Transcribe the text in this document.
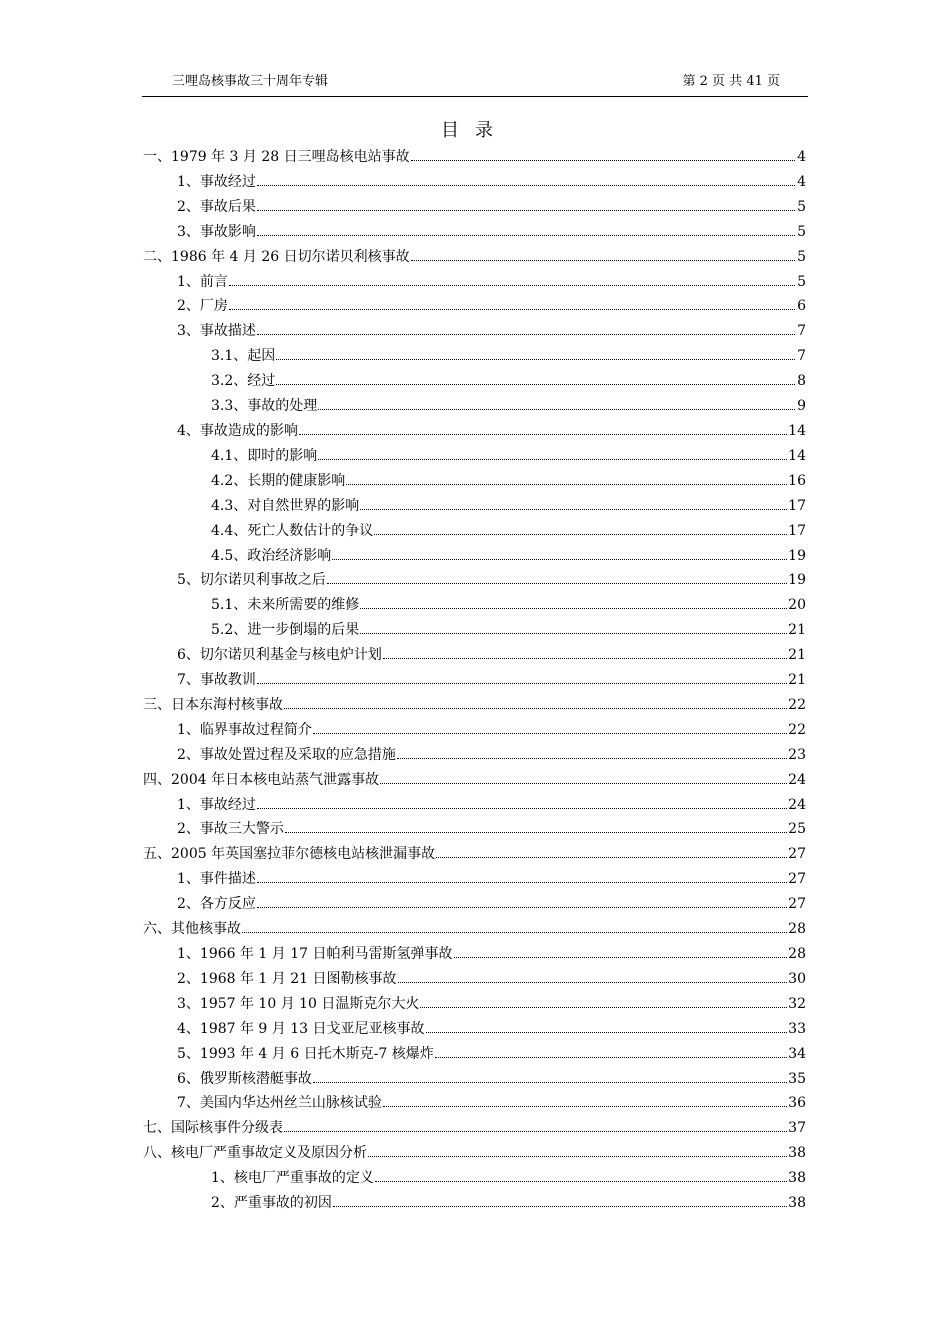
三哩岛核事故三十周年专辑	第 2 页 共 41 页
目录
一、1979 年 3 月 28 日三哩岛核电站事故	4
1、事故经过	4
2、事故后果	5
3、事故影响	5
二、1986 年 4 月 26 日切尔诺贝利核事故	5
1、前言	5
2、厂房	6
3、事故描述	7
3.1、起因	7
3.2、经过	8
3.3、事故的处理	9
4、事故造成的影响	14
4.1、即时的影响	14
4.2、长期的健康影响	16
4.3、对自然世界的影响	17
4.4、死亡人数估计的争议	17
4.5、政治经济影响	19
5、切尔诺贝利事故之后	19
5.1、未来所需要的维修	20
5.2、进一步倒塌的后果	21
6、切尔诺贝利基金与核电炉计划	21
7、事故教训	21
三、日本东海村核事故	22
1、临界事故过程简介	22
2、事故处置过程及采取的应急措施	23
四、2004 年日本核电站蒸气泄露事故	24
1、事故经过	24
2、事故三大警示	25
五、2005 年英国塞拉菲尔德核电站核泄漏事故	27
1、事件描述	27
2、各方反应	27
六、其他核事故	28
1、1966 年 1 月 17 日帕利马雷斯氢弹事故	28
2、1968 年 1 月 21 日图勒核事故	30
3、1957 年 10 月 10 日温斯克尔大火	32
4、1987 年 9 月 13 日戈亚尼亚核事故	33
5、1993 年 4 月 6 日托木斯克-7 核爆炸	34
6、俄罗斯核潜艇事故	35
7、美国内华达州丝兰山脉核试验	36
七、国际核事件分级表	37
八、核电厂严重事故定义及原因分析	38
1、核电厂严重事故的定义	38
2、严重事故的初因	38
